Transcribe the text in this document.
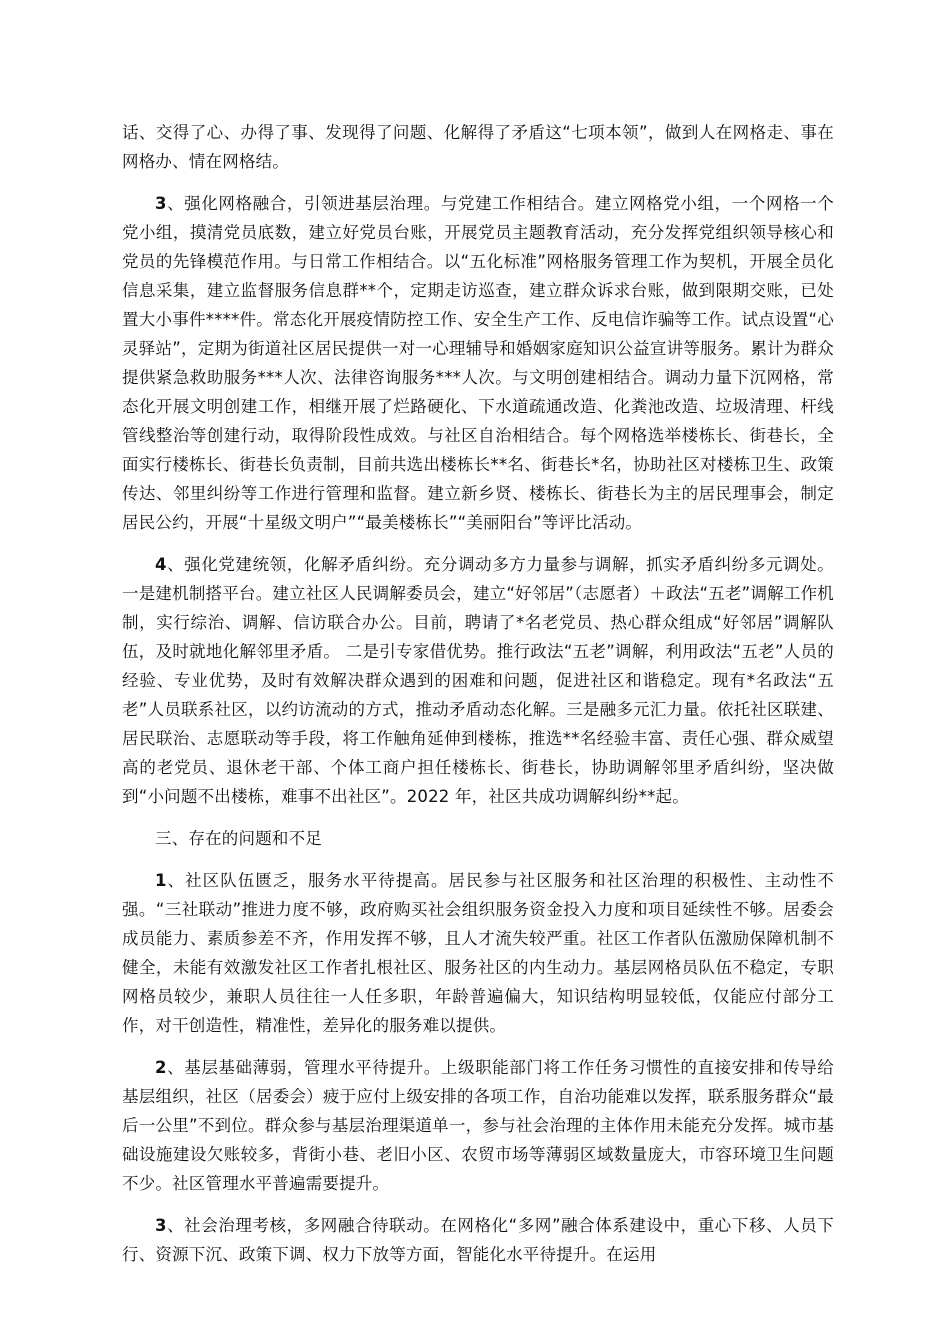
话、交得了心、办得了事、发现得了问题、化解得了矛盾这“七项本领”，做到人在网格走、事在网格办、情在网格结。

3、强化网格融合，引领进基层治理。与党建工作相结合。建立网格党小组，一个网格一个党小组，摸清党员底数，建立好党员台账，开展党员主题教育活动，充分发挥党组织领导核心和党员的先锋模范作用。与日常工作相结合。以“五化标准”网格服务管理工作为契机，开展全员化信息采集，建立监督服务信息群**个，定期走访巡查，建立群众诉求台账，做到限期交账，已处置大小事件****件。常态化开展疫情防控工作、安全生产工作、反电信诈骗等工作。试点设置“心灵驿站”，定期为街道社区居民提供一对一心理辅导和婚姻家庭知识公益宣讲等服务。累计为群众提供紧急救助服务***人次、法律咨询服务***人次。与文明创建相结合。调动力量下沉网格，常态化开展文明创建工作，相继开展了烂路硬化、下水道疏通改造、化粪池改造、垃圾清理、杆线管线整治等创建行动，取得阶段性成效。与社区自治相结合。每个网格选举楼栋长、街巷长，全面实行楼栋长、街巷长负责制，目前共选出楼栋长**名、街巷长*名，协助社区对楼栋卫生、政策传达、邻里纠纷等工作进行管理和监督。建立新乡贤、楼栋长、街巷长为主的居民理事会，制定居民公约，开展“十星级文明户”“最美楼栋长”“美丽阳台”等评比活动。

4、强化党建统领，化解矛盾纠纷。充分调动多方力量参与调解，抓实矛盾纠纷多元调处。一是建机制搭平台。建立社区人民调解委员会，建立“好邻居”（志愿者）＋政法“五老”调解工作机制，实行综治、调解、信访联合办公。目前，聘请了*名老党员、热心群众组成“好邻居”调解队伍，及时就地化解邻里矛盾。 二是引专家借优势。推行政法“五老”调解，利用政法“五老”人员的经验、专业优势，及时有效解决群众遇到的困难和问题，促进社区和谐稳定。现有*名政法“五老”人员联系社区，以约访流动的方式，推动矛盾动态化解。三是融多元汇力量。依托社区联建、居民联治、志愿联动等手段，将工作触角延伸到楼栋，推选**名经验丰富、责任心强、群众威望高的老党员、退休老干部、个体工商户担任楼栋长、街巷长，协助调解邻里矛盾纠纷，坚决做到“小问题不出楼栋，难事不出社区”。2022 年，社区共成功调解纠纷**起。

三、存在的问题和不足

1、社区队伍匮乏，服务水平待提高。居民参与社区服务和社区治理的积极性、主动性不强。“三社联动”推进力度不够，政府购买社会组织服务资金投入力度和项目延续性不够。居委会成员能力、素质参差不齐，作用发挥不够，且人才流失较严重。社区工作者队伍激励保障机制不健全，未能有效激发社区工作者扎根社区、服务社区的内生动力。基层网格员队伍不稳定，专职网格员较少，兼职人员往往一人任多职，年龄普遍偏大，知识结构明显较低，仅能应付部分工作，对干创造性，精准性，差异化的服务难以提供。

2、基层基础薄弱，管理水平待提升。上级职能部门将工作任务习惯性的直接安排和传导给基层组织，社区（居委会）疲于应付上级安排的各项工作，自治功能难以发挥，联系服务群众“最后一公里”不到位。群众参与基层治理渠道单一，参与社会治理的主体作用未能充分发挥。城市基础设施建设欠账较多，背街小巷、老旧小区、农贸市场等薄弱区域数量庞大，市容环境卫生问题不少。社区管理水平普遍需要提升。

3、社会治理考核，多网融合待联动。在网格化“多网”融合体系建设中，重心下移、人员下行、资源下沉、政策下调、权力下放等方面，智能化水平待提升。在运用
